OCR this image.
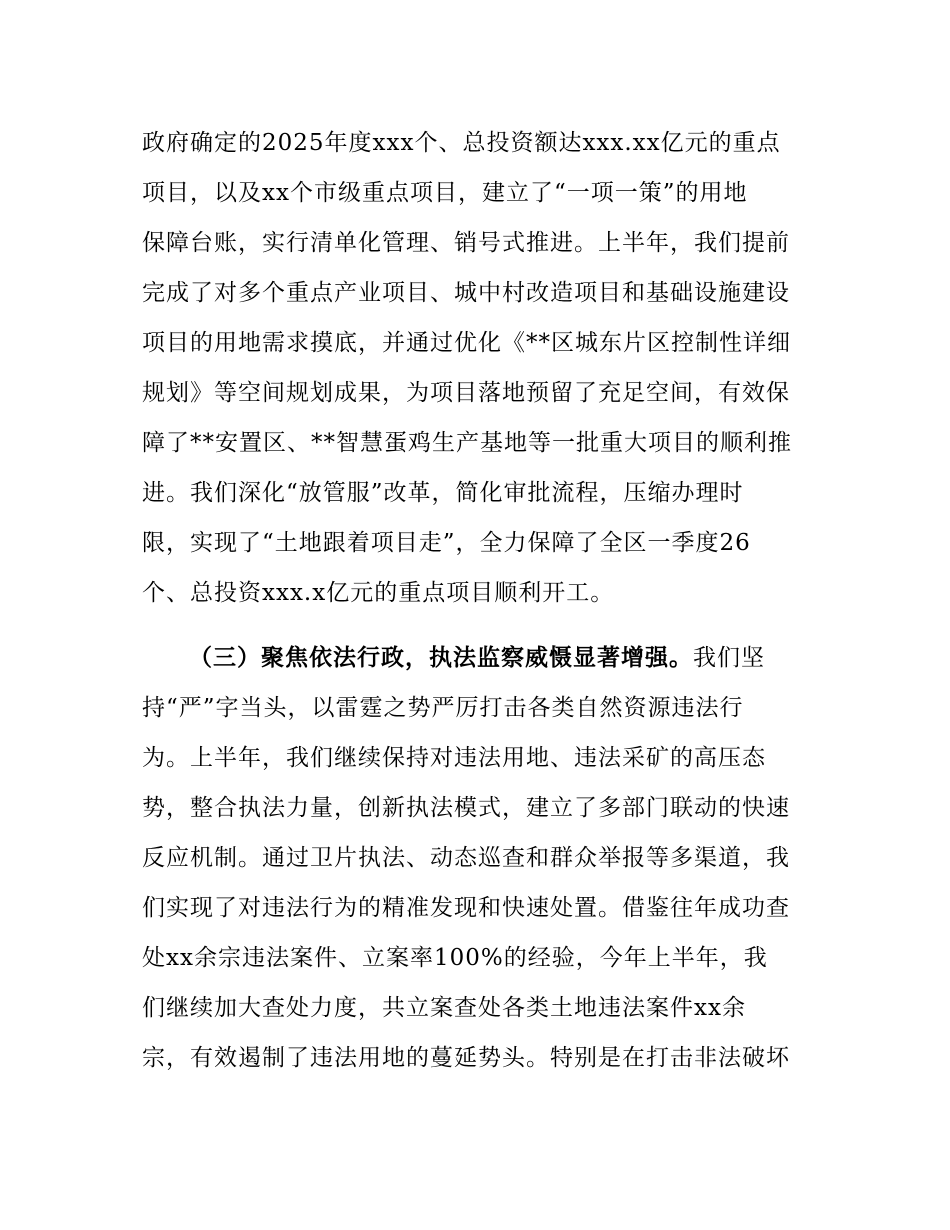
政府确定的2025年度xxx个、总投资额达xxx.xx亿元的重点
项目，以及xx个市级重点项目，建立了“一项一策”的用地
保障台账，实行清单化管理、销号式推进。上半年，我们提前
完成了对多个重点产业项目、城中村改造项目和基础设施建设
项目的用地需求摸底，并通过优化《**区城东片区控制性详细
规划》等空间规划成果，为项目落地预留了充足空间，有效保
障了**安置区、**智慧蛋鸡生产基地等一批重大项目的顺利推
进。我们深化“放管服”改革，简化审批流程，压缩办理时
限，实现了“土地跟着项目走”，全力保障了全区一季度26
个、总投资xxx.x亿元的重点项目顺利开工。
（三）聚焦依法行政，执法监察威慑显著增强。我们坚
持“严”字当头，以雷霆之势严厉打击各类自然资源违法行
为。上半年，我们继续保持对违法用地、违法采矿的高压态
势，整合执法力量，创新执法模式，建立了多部门联动的快速
反应机制。通过卫片执法、动态巡查和群众举报等多渠道，我
们实现了对违法行为的精准发现和快速处置。借鉴往年成功查
处xx余宗违法案件、立案率100%的经验，今年上半年，我
们继续加大查处力度，共立案查处各类土地违法案件xx余
宗，有效遏制了违法用地的蔓延势头。特别是在打击非法破坏
